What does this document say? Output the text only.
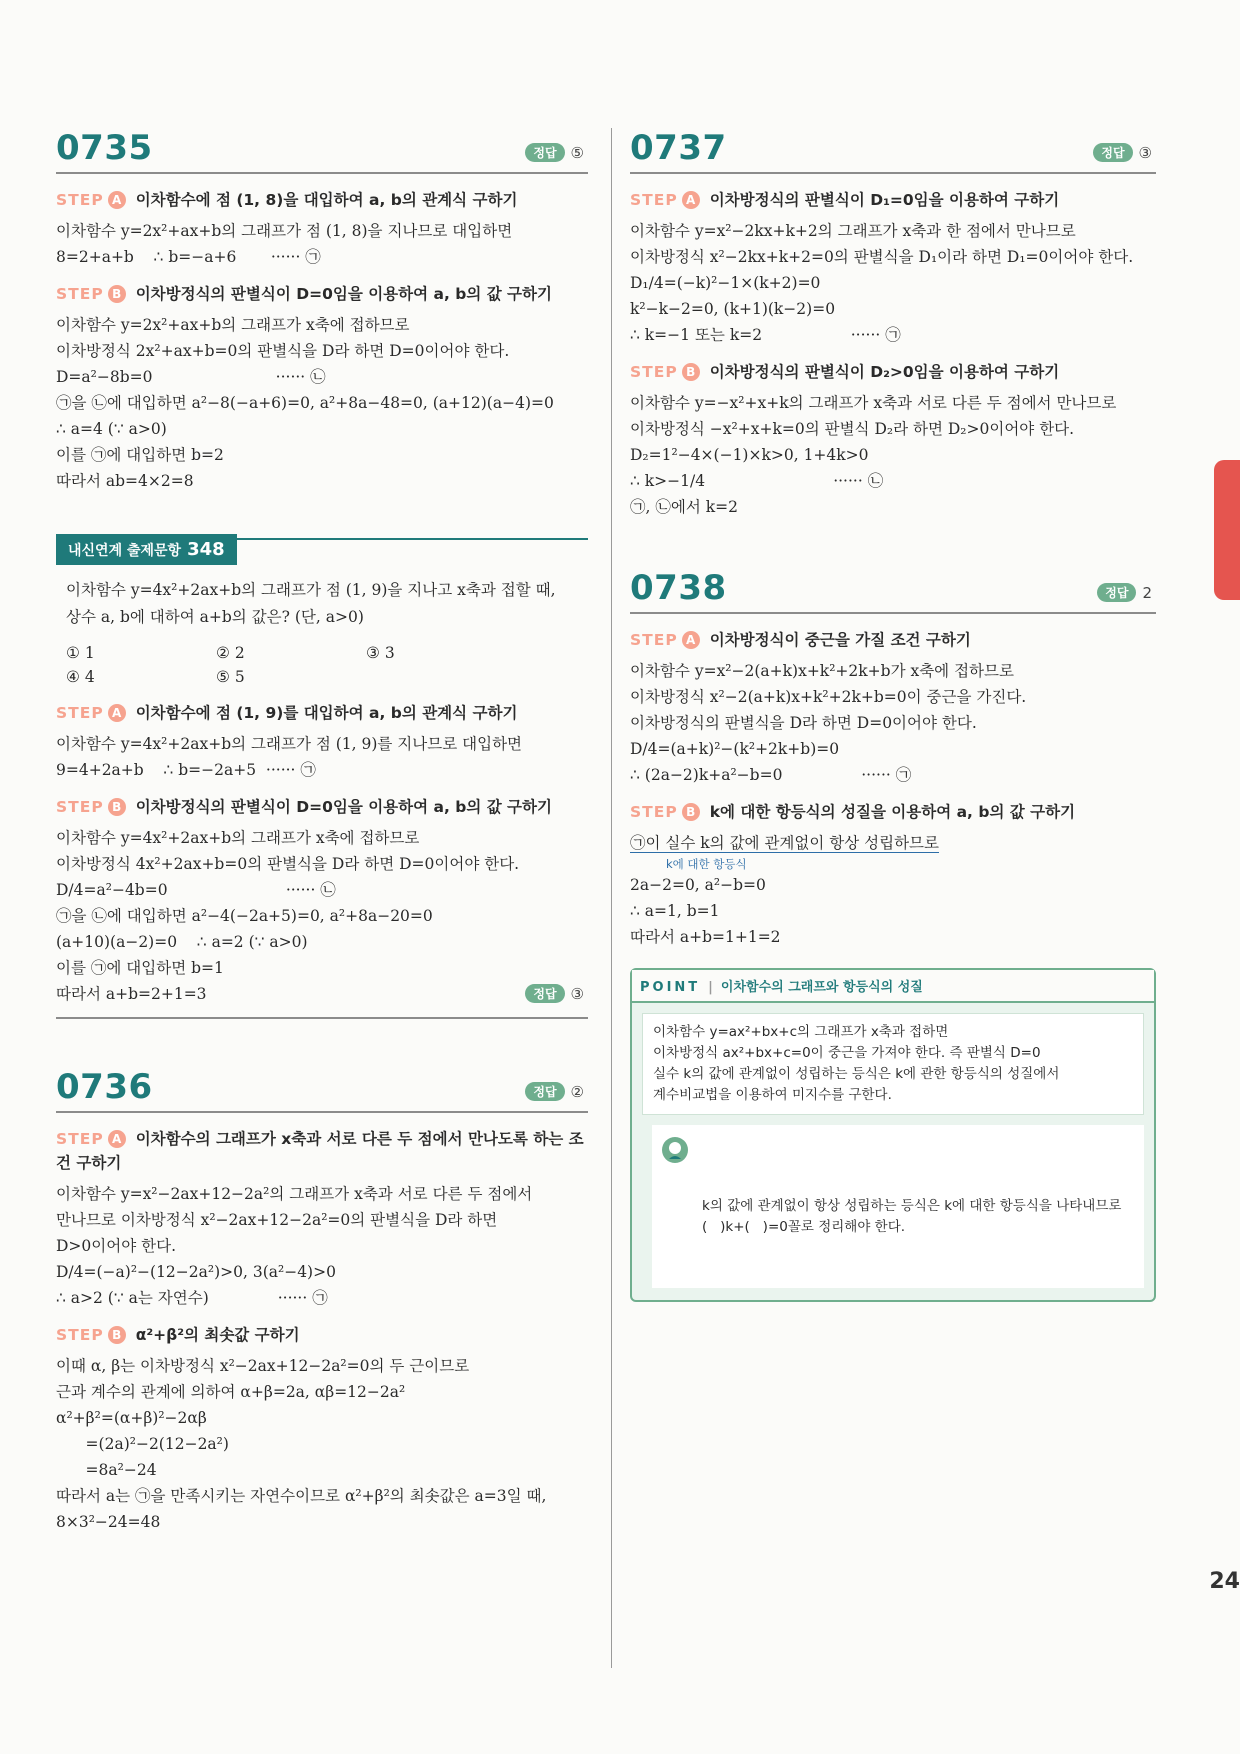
0735	정답 ⑤
STEP A 이차함수에 점 (1, 8)을 대입하여 a, b의 관계식 구하기
이차함수 y=2x²+ax+b의 그래프가 점 (1, 8)을 지나므로 대입하면
8=2+a+b    ∴ b=−a+6       ······ ㉠
STEP B 이차방정식의 판별식이 D=0임을 이용하여 a, b의 값 구하기
이차함수 y=2x²+ax+b의 그래프가 x축에 접하므로
이차방정식 2x²+ax+b=0의 판별식을 D라 하면 D=0이어야 한다.
D=a²−8b=0                         ······ ㉡
㉠을 ㉡에 대입하면 a²−8(−a+6)=0, a²+8a−48=0, (a+12)(a−4)=0
∴ a=4 (∵ a>0)
이를 ㉠에 대입하면 b=2
따라서 ab=4×2=8
내신연계 출제문항 348
이차함수 y=4x²+2ax+b의 그래프가 점 (1, 9)을 지나고 x축과 접할 때,
상수 a, b에 대하여 a+b의 값은? (단, a>0)
① 1	② 2	③ 3
④ 4	⑤ 5
STEP A 이차함수에 점 (1, 9)를 대입하여 a, b의 관계식 구하기
이차함수 y=4x²+2ax+b의 그래프가 점 (1, 9)를 지나므로 대입하면
9=4+2a+b    ∴ b=−2a+5  ······ ㉠
STEP B 이차방정식의 판별식이 D=0임을 이용하여 a, b의 값 구하기
이차함수 y=4x²+2ax+b의 그래프가 x축에 접하므로
이차방정식 4x²+2ax+b=0의 판별식을 D라 하면 D=0이어야 한다.
D/4=a²−4b=0                        ······ ㉡
㉠을 ㉡에 대입하면 a²−4(−2a+5)=0, a²+8a−20=0
(a+10)(a−2)=0    ∴ a=2 (∵ a>0)
이를 ㉠에 대입하면 b=1
따라서 a+b=2+1=3	정답 ③
0736	정답 ②
STEP A 이차함수의 그래프가 x축과 서로 다른 두 점에서 만나도록 하는 조건 구하기
이차함수 y=x²−2ax+12−2a²의 그래프가 x축과 서로 다른 두 점에서
만나므로 이차방정식 x²−2ax+12−2a²=0의 판별식을 D라 하면
D>0이어야 한다.
D/4=(−a)²−(12−2a²)>0, 3(a²−4)>0
∴ a>2 (∵ a는 자연수)              ······ ㉠
STEP B α²+β²의 최솟값 구하기
이때 α, β는 이차방정식 x²−2ax+12−2a²=0의 두 근이므로
근과 계수의 관계에 의하여 α+β=2a, αβ=12−2a²
α²+β²=(α+β)²−2αβ
=(2a)²−2(12−2a²)
=8a²−24
따라서 a는 ㉠을 만족시키는 자연수이므로 α²+β²의 최솟값은 a=3일 때,
8×3²−24=48
0737	정답 ③
STEP A 이차방정식의 판별식이 D₁=0임을 이용하여 구하기
이차함수 y=x²−2kx+k+2의 그래프가 x축과 한 점에서 만나므로
이차방정식 x²−2kx+k+2=0의 판별식을 D₁이라 하면 D₁=0이어야 한다.
D₁/4=(−k)²−1×(k+2)=0
k²−k−2=0, (k+1)(k−2)=0
∴ k=−1 또는 k=2                  ······ ㉠
STEP B 이차방정식의 판별식이 D₂>0임을 이용하여 구하기
이차함수 y=−x²+x+k의 그래프가 x축과 서로 다른 두 점에서 만나므로
이차방정식 −x²+x+k=0의 판별식 D₂라 하면 D₂>0이어야 한다.
D₂=1²−4×(−1)×k>0, 1+4k>0
∴ k>−1/4                          ······ ㉡
㉠, ㉡에서 k=2
0738	정답 2
STEP A 이차방정식이 중근을 가질 조건 구하기
이차함수 y=x²−2(a+k)x+k²+2k+b가 x축에 접하므로
이차방정식 x²−2(a+k)x+k²+2k+b=0이 중근을 가진다.
이차방정식의 판별식을 D라 하면 D=0이어야 한다.
D/4=(a+k)²−(k²+2k+b)=0
∴ (2a−2)k+a²−b=0                ······ ㉠
STEP B k에 대한 항등식의 성질을 이용하여 a, b의 값 구하기
㉠이 실수 k의 값에 관계없이 항상 성립하므로
k에 대한 항등식
2a−2=0, a²−b=0
∴ a=1, b=1
따라서 a+b=1+1=2
POINT | 이차함수의 그래프와 항등식의 성질
이차함수 y=ax²+bx+c의 그래프가 x축과 접하면
이차방정식 ax²+bx+c=0이 중근을 가져야 한다. 즉 판별식 D=0
실수 k의 값에 관계없이 성립하는 등식은 k에 관한 항등식의 성질에서
계수비교법을 이용하여 미지수를 구한다.

k의 값에 관계없이 항상 성립하는 등식은 k에 대한 항등식을 나타내므로
(   )k+(   )=0꼴로 정리해야 한다.

24
